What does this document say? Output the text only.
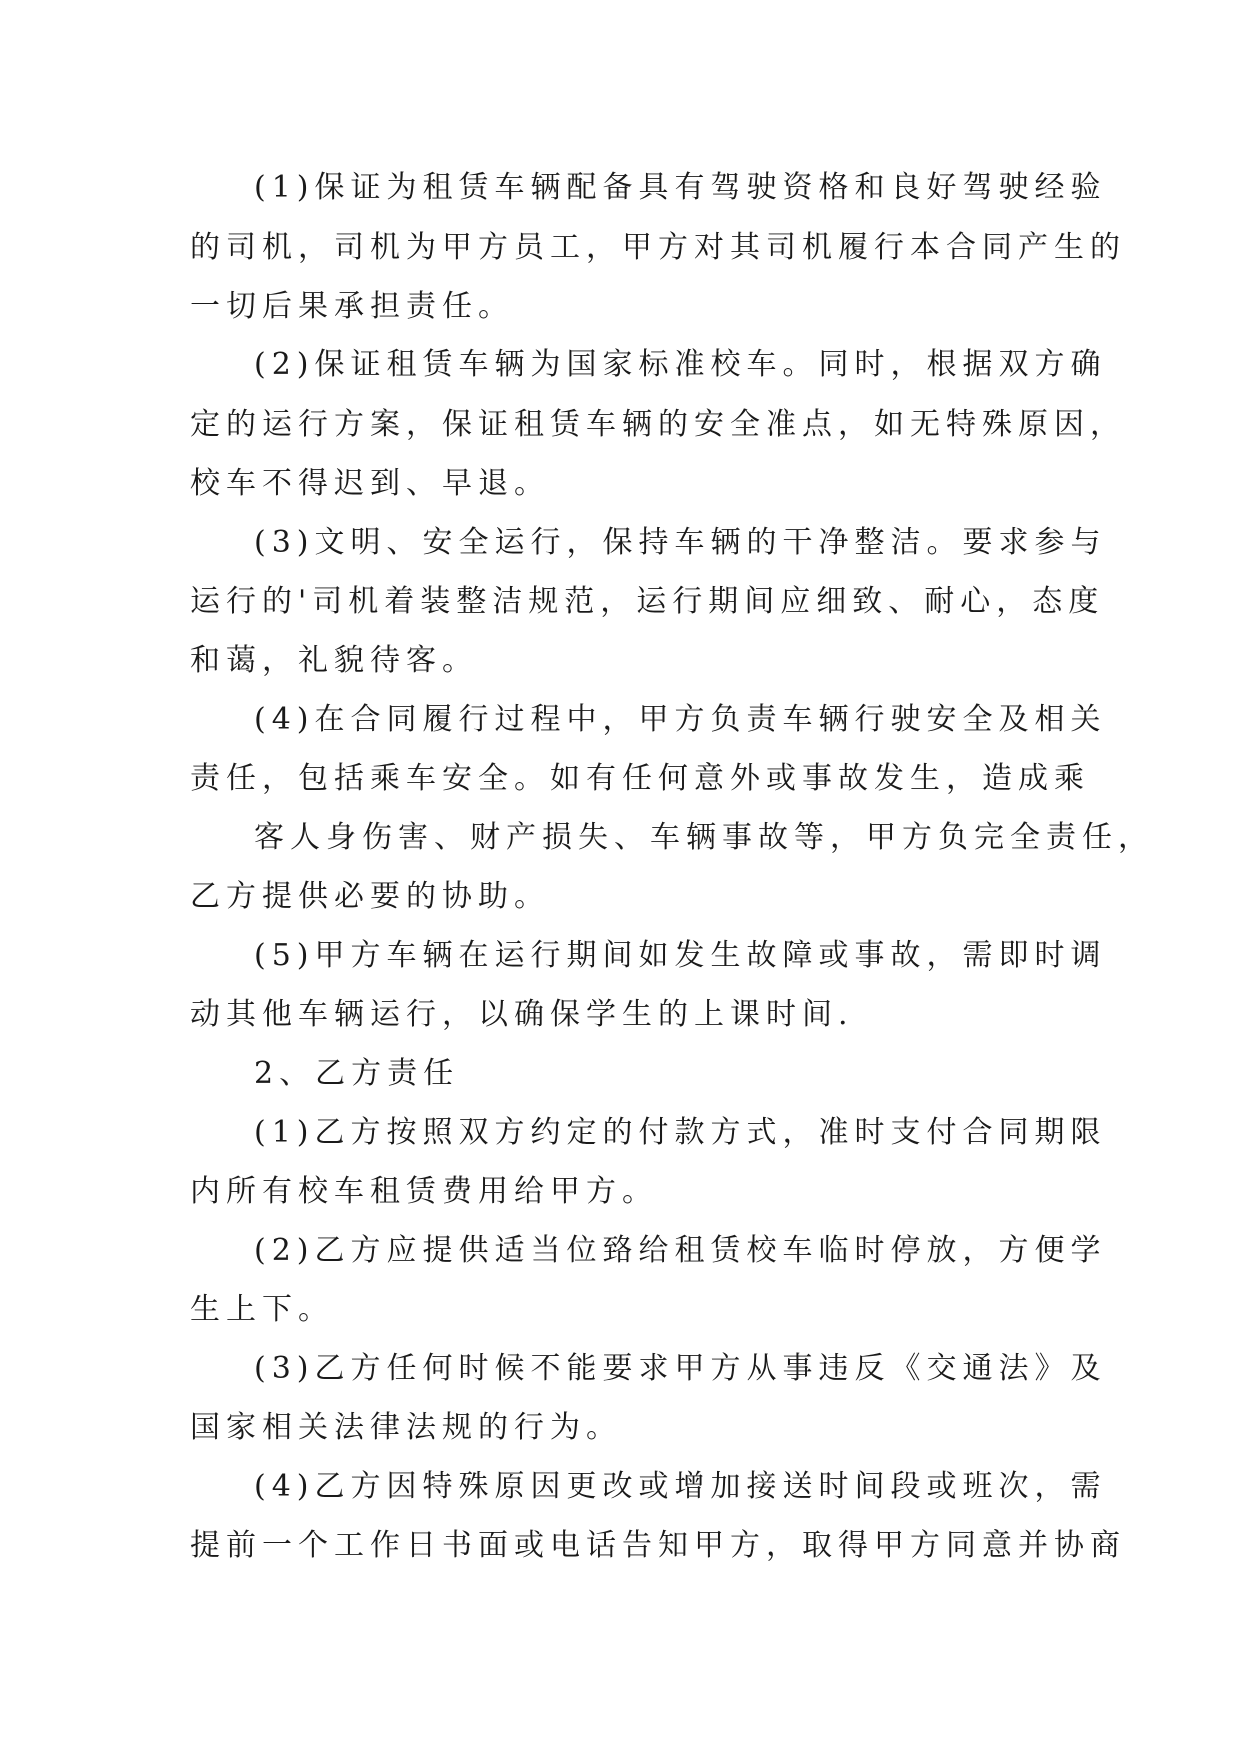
(1)保证为租赁车辆配备具有驾驶资格和良好驾驶经验
的司机，司机为甲方员工，甲方对其司机履行本合同产生的
一切后果承担责任。
(2)保证租赁车辆为国家标准校车。同时，根据双方确
定的运行方案，保证租赁车辆的安全准点，如无特殊原因，
校车不得迟到、早退。
(3)文明、安全运行，保持车辆的干净整洁。要求参与
运行的'司机着装整洁规范，运行期间应细致、耐心，态度
和蔼，礼貌待客。
(4)在合同履行过程中，甲方负责车辆行驶安全及相关
责任，包括乘车安全。如有任何意外或事故发生，造成乘
客人身伤害、财产损失、车辆事故等，甲方负完全责任，
乙方提供必要的协助。
(5)甲方车辆在运行期间如发生故障或事故，需即时调
动其他车辆运行，以确保学生的上课时间.
2、乙方责任
(1)乙方按照双方约定的付款方式，准时支付合同期限
内所有校车租赁费用给甲方。
(2)乙方应提供适当位臵给租赁校车临时停放，方便学
生上下。
(3)乙方任何时候不能要求甲方从事违反《交通法》及
国家相关法律法规的行为。
(4)乙方因特殊原因更改或增加接送时间段或班次，需
提前一个工作日书面或电话告知甲方，取得甲方同意并协商
